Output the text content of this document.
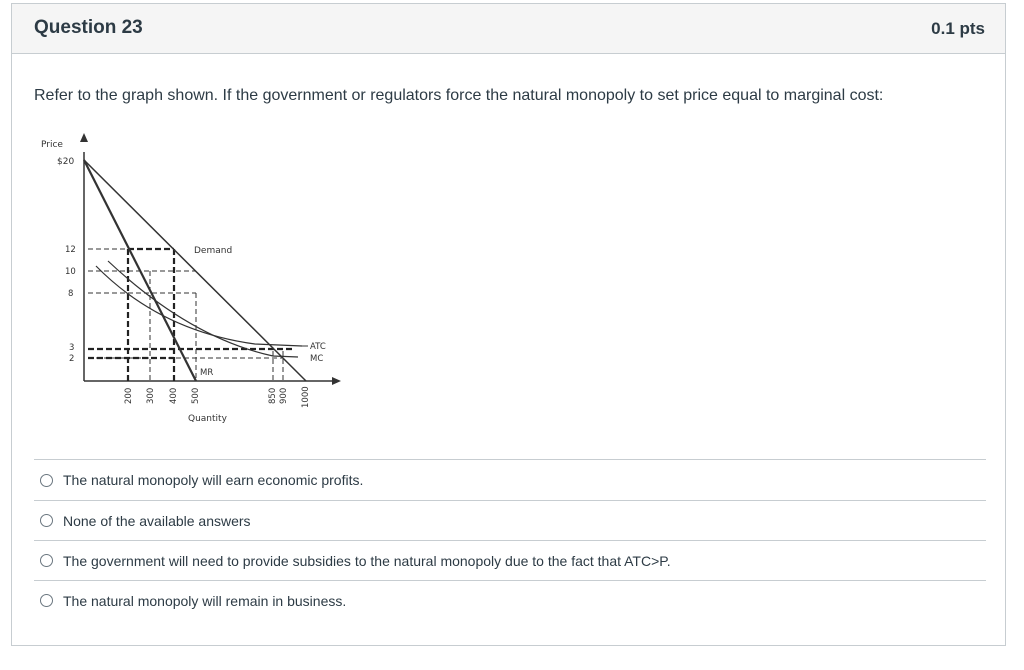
Question 23	0.1 pts
Refer to the graph shown. If the government or regulators force the natural monopoly to set price equal to marginal cost:
Price
$20
12
10
8
3
2
200 300 400 500	850 900 1000
Quantity
Demand
MR
ATC
MC
The natural monopoly will earn economic profits.
None of the available answers
The government will need to provide subsidies to the natural monopoly due to the fact that ATC>P.
The natural monopoly will remain in business.
